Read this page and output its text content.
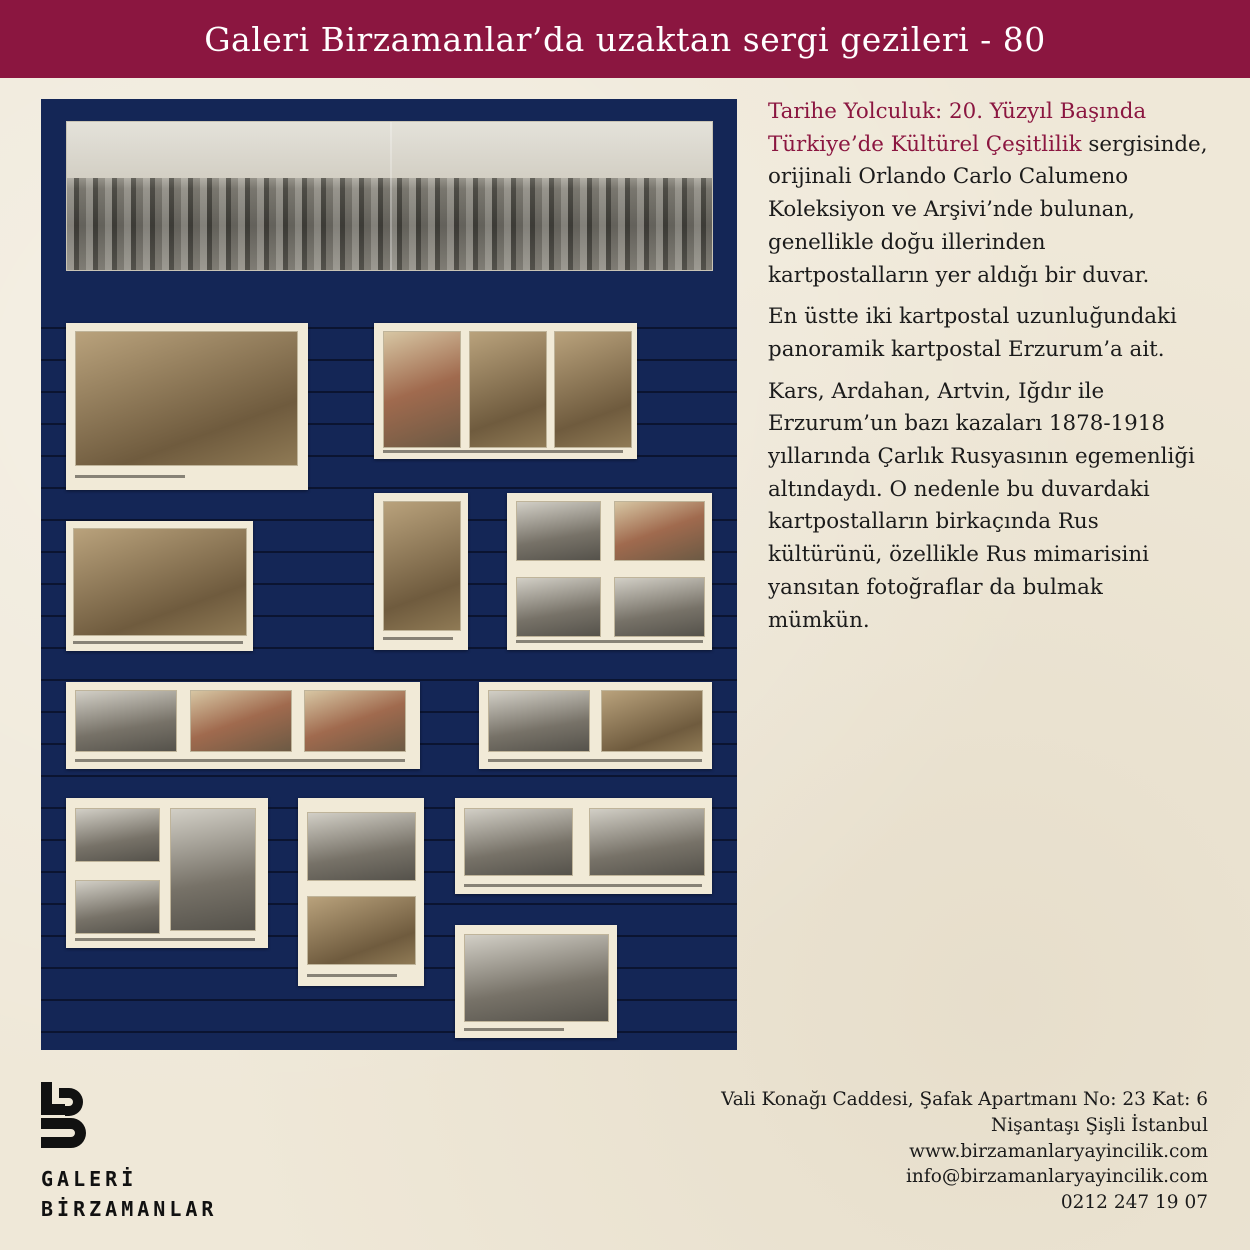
Galeri Birzamanlar’da uzaktan sergi gezileri - 80

Tarihe Yolculuk: 20. Yüzyıl Başında Türkiye’de Kültürel Çeşitlilik sergisinde, orijinali Orlando Carlo Calumeno Koleksiyon ve Arşivi’nde bulunan, genellikle doğu illerinden kartpostalların yer aldığı bir duvar.

En üstte iki kartpostal uzunluğundaki panoramik kartpostal Erzurum’a ait.

Kars, Ardahan, Artvin, Iğdır ile Erzurum’un bazı kazaları 1878-1918 yıllarında Çarlık Rusyasının egemenliği altındaydı. O nedenle bu duvardaki kartpostalların birkaçında Rus kültürünü, özellikle Rus mimarisini yansıtan fotoğraflar da bulmak mümkün.

GALERİ
BİRZAMANLAR
Vali Konağı Caddesi, Şafak Apartmanı No: 23 Kat: 6
Nişantaşı Şişli İstanbul
www.birzamanlaryayincilik.com
info@birzamanlaryayincilik.com
0212 247 19 07
